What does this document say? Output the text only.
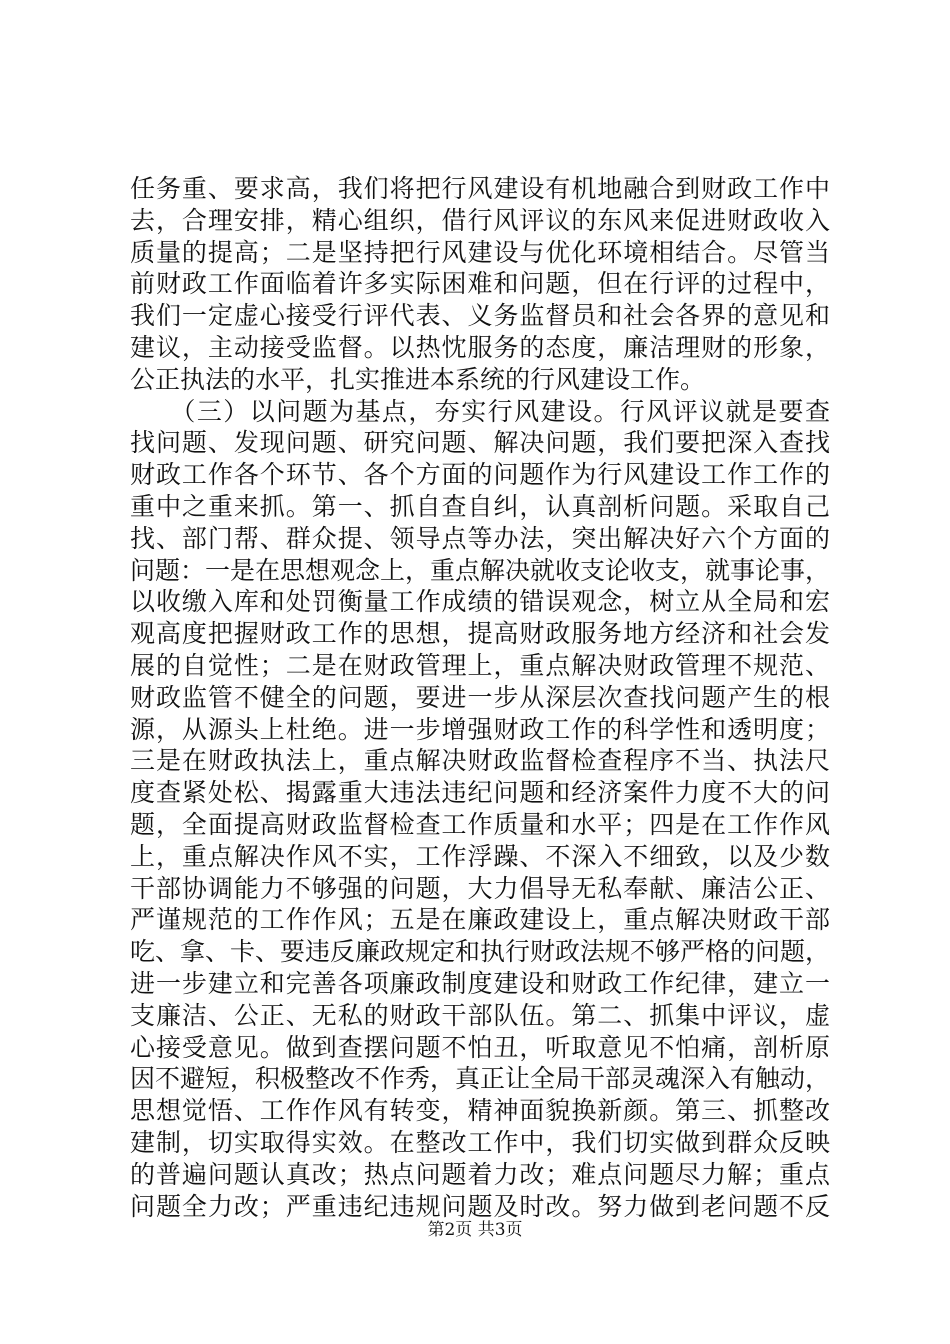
任务重、要求高，我们将把行风建设有机地融合到财政工作中
去，合理安排，精心组织，借行风评议的东风来促进财政收入
质量的提高；二是坚持把行风建设与优化环境相结合。尽管当
前财政工作面临着许多实际困难和问题，但在行评的过程中，
我们一定虚心接受行评代表、义务监督员和社会各界的意见和
建议，主动接受监督。以热忱服务的态度，廉洁理财的形象，
公正执法的水平，扎实推进本系统的行风建设工作。
　　（三）以问题为基点，夯实行风建设。行风评议就是要查
找问题、发现问题、研究问题、解决问题，我们要把深入查找
财政工作各个环节、各个方面的问题作为行风建设工作工作的
重中之重来抓。第一、抓自查自纠，认真剖析问题。采取自己
找、部门帮、群众提、领导点等办法，突出解决好六个方面的
问题：一是在思想观念上，重点解决就收支论收支，就事论事，
以收缴入库和处罚衡量工作成绩的错误观念，树立从全局和宏
观高度把握财政工作的思想，提高财政服务地方经济和社会发
展的自觉性；二是在财政管理上，重点解决财政管理不规范、
财政监管不健全的问题，要进一步从深层次查找问题产生的根
源，从源头上杜绝。进一步增强财政工作的科学性和透明度；
三是在财政执法上，重点解决财政监督检查程序不当、执法尺
度查紧处松、揭露重大违法违纪问题和经济案件力度不大的问
题，全面提高财政监督检查工作质量和水平；四是在工作作风
上，重点解决作风不实，工作浮躁、不深入不细致，以及少数
干部协调能力不够强的问题，大力倡导无私奉献、廉洁公正、
严谨规范的工作作风；五是在廉政建设上，重点解决财政干部
吃、拿、卡、要违反廉政规定和执行财政法规不够严格的问题，
进一步建立和完善各项廉政制度建设和财政工作纪律，建立一
支廉洁、公正、无私的财政干部队伍。第二、抓集中评议，虚
心接受意见。做到查摆问题不怕丑，听取意见不怕痛，剖析原
因不避短，积极整改不作秀，真正让全局干部灵魂深入有触动，
思想觉悟、工作作风有转变，精神面貌换新颜。第三、抓整改
建制，切实取得实效。在整改工作中，我们切实做到群众反映
的普遍问题认真改；热点问题着力改；难点问题尽力解；重点
问题全力改；严重违纪违规问题及时改。努力做到老问题不反
第2页 共3页
